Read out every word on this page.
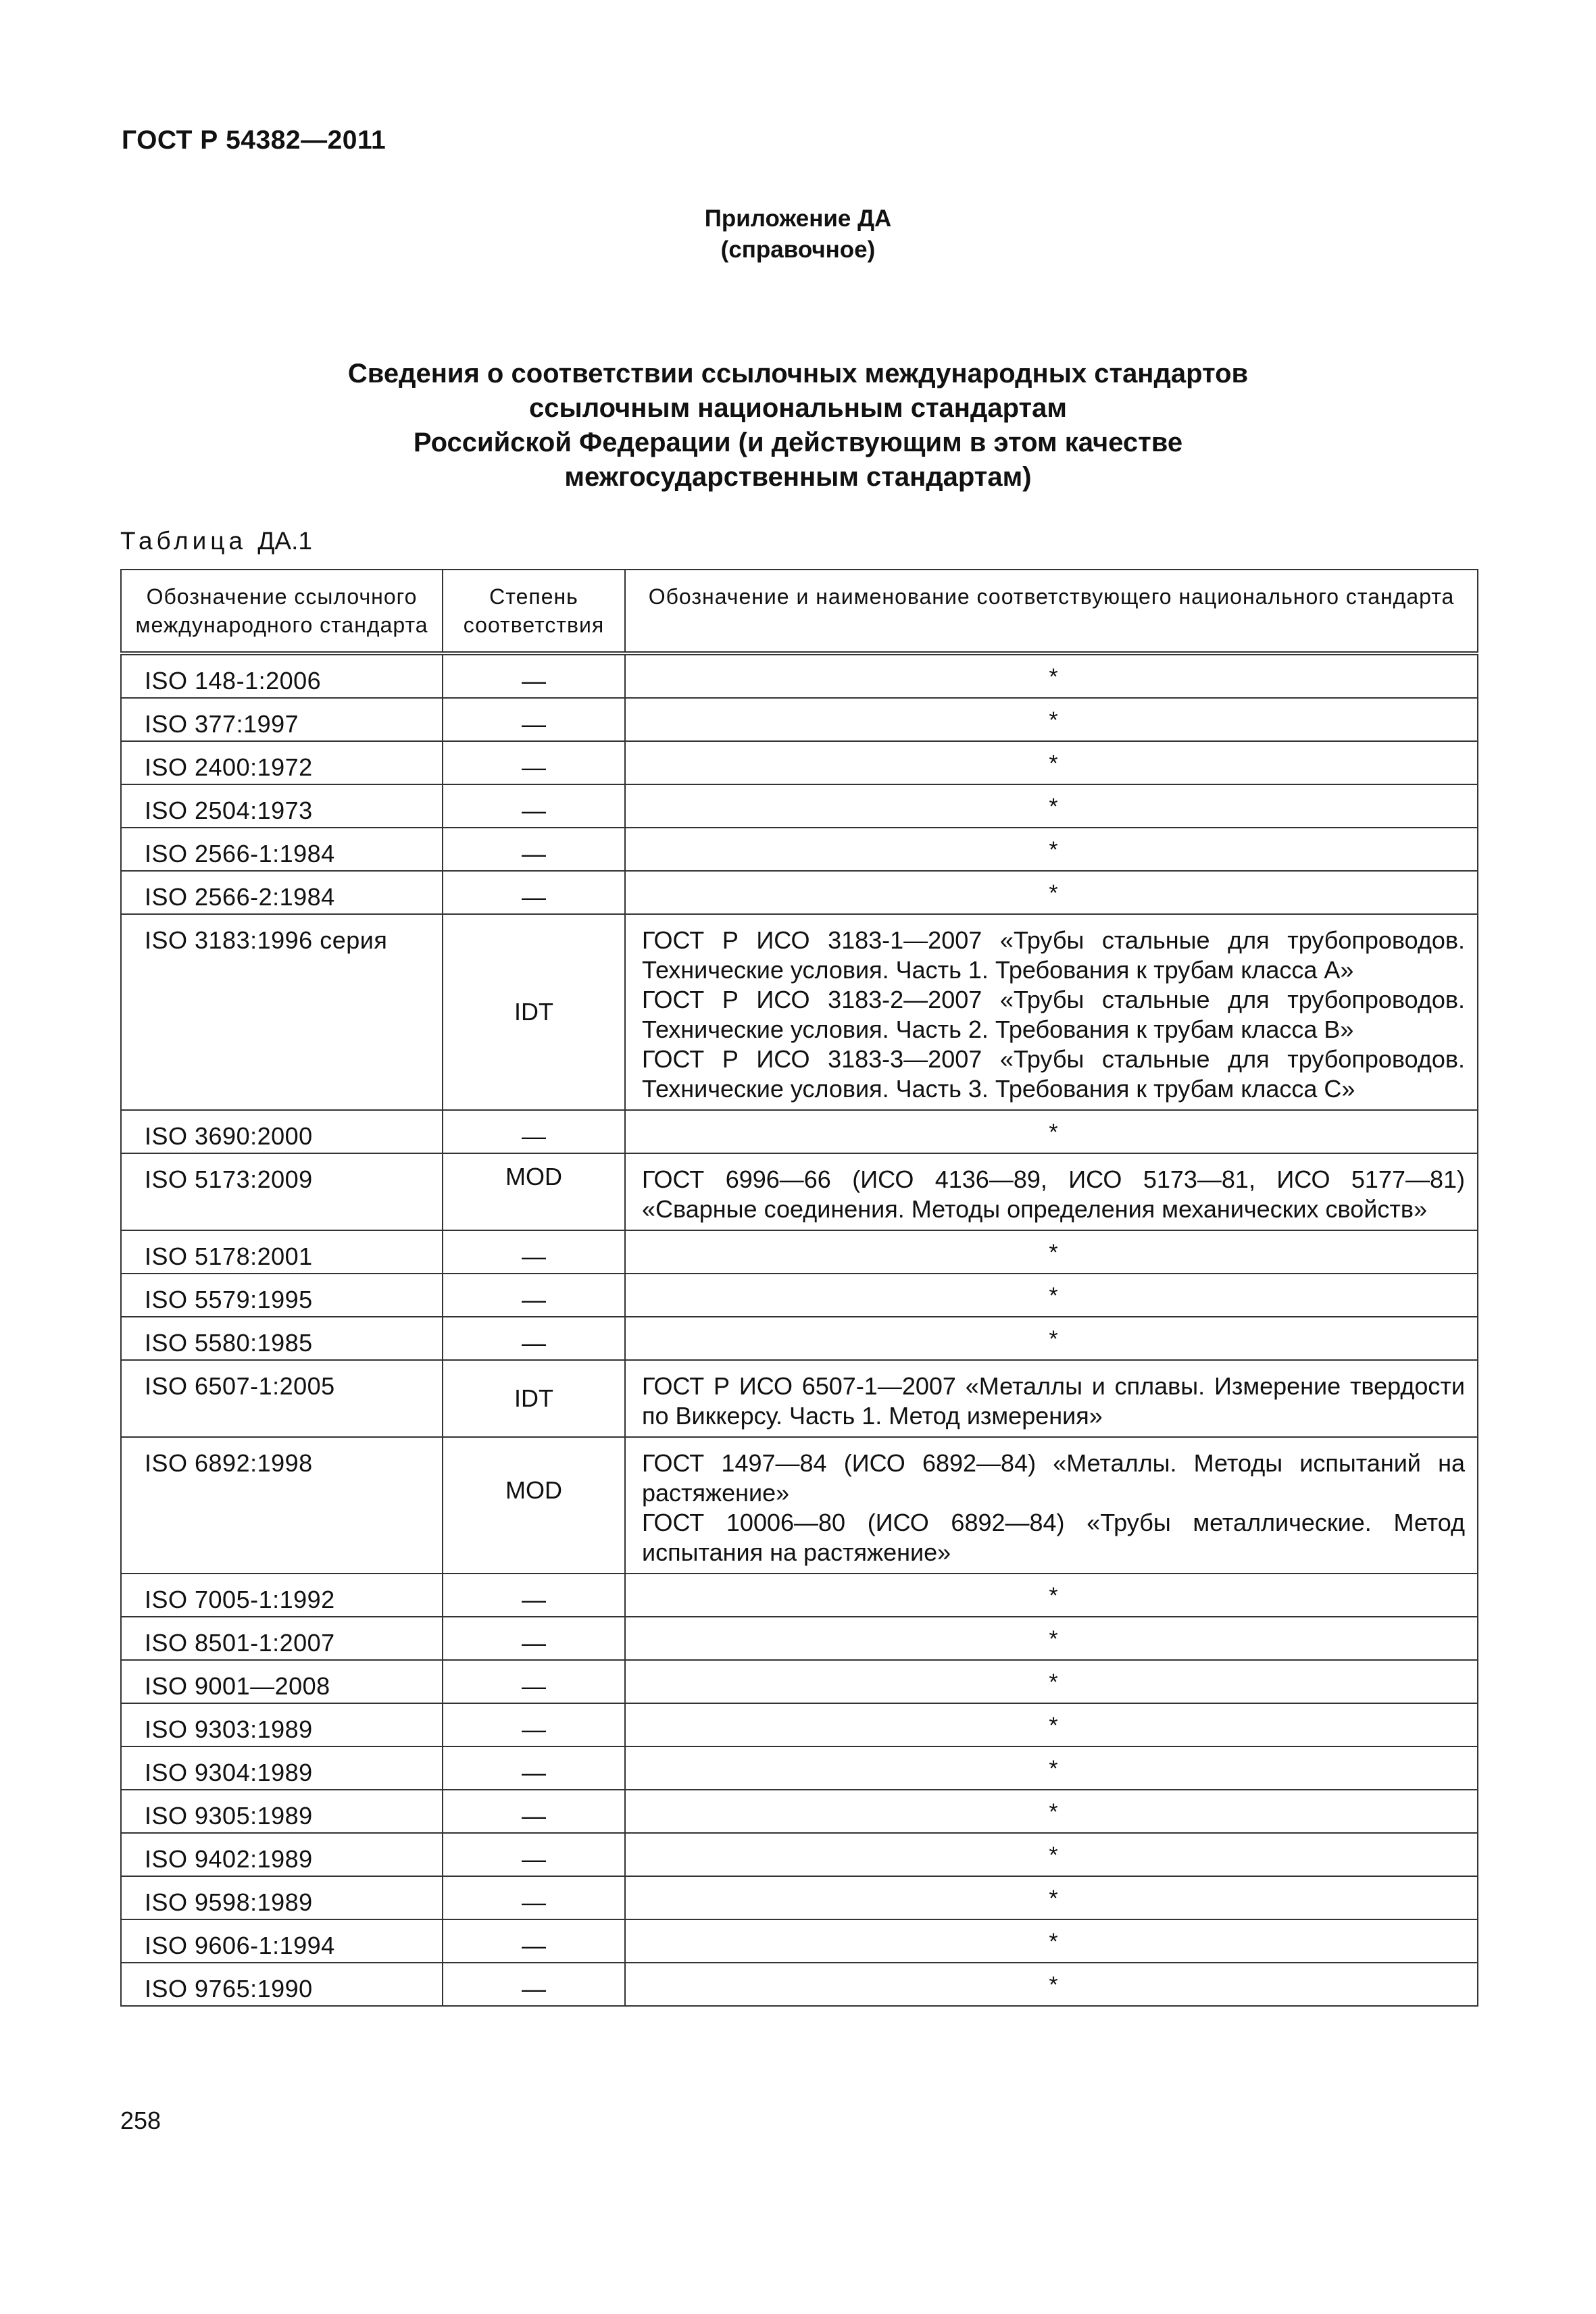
ГОСТ Р 54382—2011
Приложение ДА
(справочное)
Сведения о соответствии ссылочных международных стандартов
ссылочным национальным стандартам
Российской Федерации (и действующим в этом качестве
межгосударственным стандартам)
Таблица ДА.1
Обозначение ссылочного международного стандарта	Степень соответствия	Обозначение и наименование соответствующего национального стандарта
ISO 148-1:2006	—	*
ISO 377:1997	—	*
ISO 2400:1972	—	*
ISO 2504:1973	—	*
ISO 2566-1:1984	—	*
ISO 2566-2:1984	—	*
ISO 3183:1996 серия	IDT	ГОСТ Р ИСО 3183-1—2007 «Трубы стальные для трубопроводов. Технические условия. Часть 1. Требования к трубам класса А»
ГОСТ Р ИСО 3183-2—2007 «Трубы стальные для трубопроводов. Технические условия. Часть 2. Требования к трубам класса В»
ГОСТ Р ИСО 3183-3—2007 «Трубы стальные для трубопроводов. Технические условия. Часть 3. Требования к трубам класса С»
ISO 3690:2000	—	*
ISO 5173:2009	MOD	ГОСТ 6996—66 (ИСО 4136—89, ИСО 5173—81, ИСО 5177—81) «Сварные соединения. Методы определения механических свойств»
ISO 5178:2001	—	*
ISO 5579:1995	—	*
ISO 5580:1985	—	*
ISO 6507-1:2005	IDT	ГОСТ Р ИСО 6507-1—2007 «Металлы и сплавы. Измерение твердости по Виккерсу. Часть 1. Метод измерения»
ISO 6892:1998	MOD	ГОСТ 1497—84 (ИСО 6892—84) «Металлы. Методы испытаний на растяжение»
ГОСТ 10006—80 (ИСО 6892—84) «Трубы металлические. Метод испытания на растяжение»
ISO 7005-1:1992	—	*
ISO 8501-1:2007	—	*
ISO 9001—2008	—	*
ISO 9303:1989	—	*
ISO 9304:1989	—	*
ISO 9305:1989	—	*
ISO 9402:1989	—	*
ISO 9598:1989	—	*
ISO 9606-1:1994	—	*
ISO 9765:1990	—	*
258
